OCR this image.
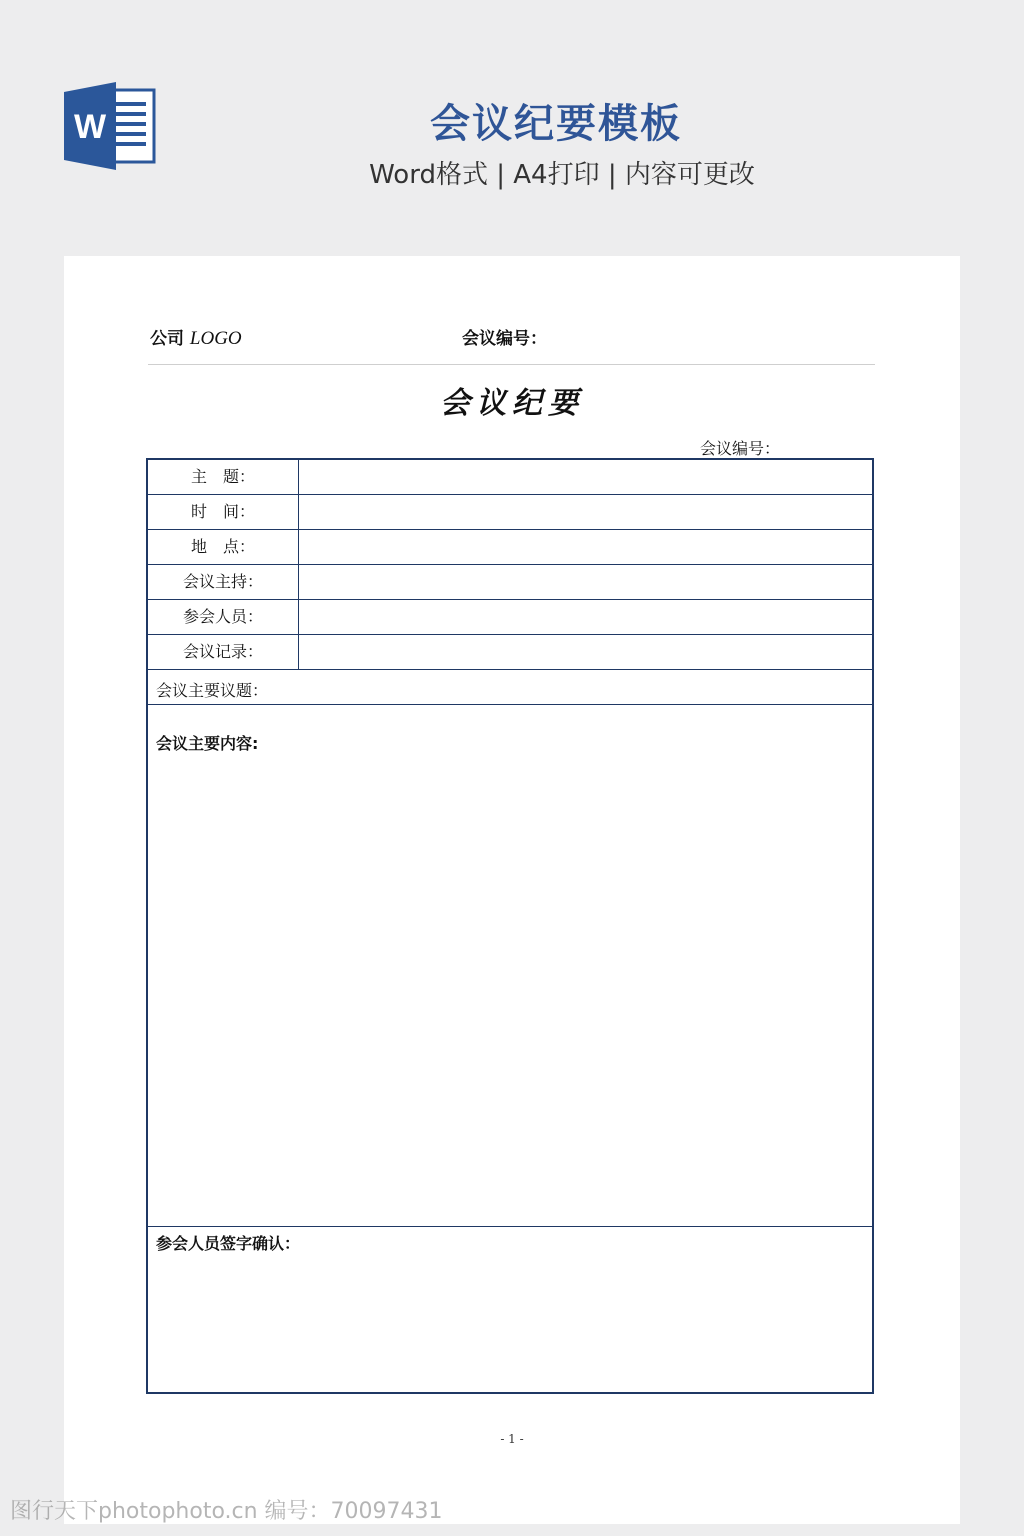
W	会议纪要模板
Word格式 | A4打印 | 内容可更改
公司 LOGO	会议编号：
会议纪要
会议编号：
主　题：
时　间：
地　点：
会议主持：
参会人员：
会议记录：
会议主要议题：
会议主要内容:
参会人员签字确认：
- 1 -
图行天下photophoto.cn 编号：70097431
